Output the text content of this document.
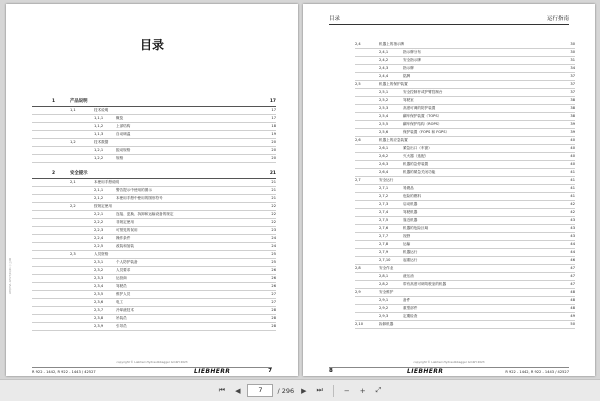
目录
1	产品说明	17
1,1	技术说明	17
1,1,1	概览	17
1,1,2	上部结构	18
1,1,3	自动调温	19
1,2	技术数据	20
1,2,1	振动规格	20
1,2,2	规格	20
2	安全提示	21
2,1	本使用手册说明	21
2,1,1	警告提示中使用的图示	21
2,1,2	本使用手册中使用的图形符号	21
2,2	按规定使用	22
2,2,1	连接、更换、拆卸和运输设备的规定	22
2,2,2	非规定使用	22
2,2,3	可预见的误用	23
2,2,4	操作条件	24
2,2,5	改装和加装	24
2,3	人员资格	25
2,3,1	个人防护装备	25
2,3,2	人员要求	26
2,3,3	运营商	26
2,3,4	驾驶员	26
2,3,5	维护人员	27
2,3,6	电工	27
2,3,7	冷却液技术	28
2,3,8	吊装员	28
2,3,9	引导员	28
LBH/ITVL 42527/01/01 中文/00
copyright © Liebherr-Hydraulikbagger GmbH 2023
R 922 - 1442, R 922 - 1443 / 42527	LIEBHERR	7
目录	运行指南
2,4	机器上的指示牌	30
2,4,1	指示牌分布	30
2,4,2	安全指示牌	31
2,4,3	指示牌	34
2,4,4	铭牌	37
2,5	机器上的保护装置	37
2,5,1	安全控制杆或护臂控制台	37
2,5,2	驾驶室	38
2,5,3	高度可调的防护装置	38
2,5,4	翻车保护装置（TOPS）	38
2,5,5	翻车保护结构（ROPS）	39
2,5,6	保护装置（FOPS 和 FGPS）	39
2,6	机器上的应急装置	40
2,6,1	紧急出口（车窗）	40
2,6,2	灭火器（选配）	40
2,6,3	机器的急停装置	40
2,6,4	机器的紧急关闭功能	41
2,7	安全运行	41
2,7,1	易燃品	41
2,7,2	危险的燃料	41
2,7,3	启动机器	42
2,7,4	驾驶机器	42
2,7,5	靠近机器	43
2,7,6	机器的危险区域	43
2,7,7	视野	43
2,7,8	运输	44
2,7,9	机器运行	44
2,7,10	起重运行	46
2,8	安全作业	47
2,8,1	液压油	47
2,8,2	带有高度可调驾驶室的机器	47
2,9	安全维护	48
2,9,1	备件	48
2,9,2	重型部件	48
2,9,3	定期检查	49
2,10	拆卸机器	50
copyright © Liebherr-Hydraulikbagger GmbH 2023
8	LIEBHERR	R 922 - 1442, R 922 - 1443 / 42527
⏮	◀	7	/ 296	▶	⏭	−	+	⤢
